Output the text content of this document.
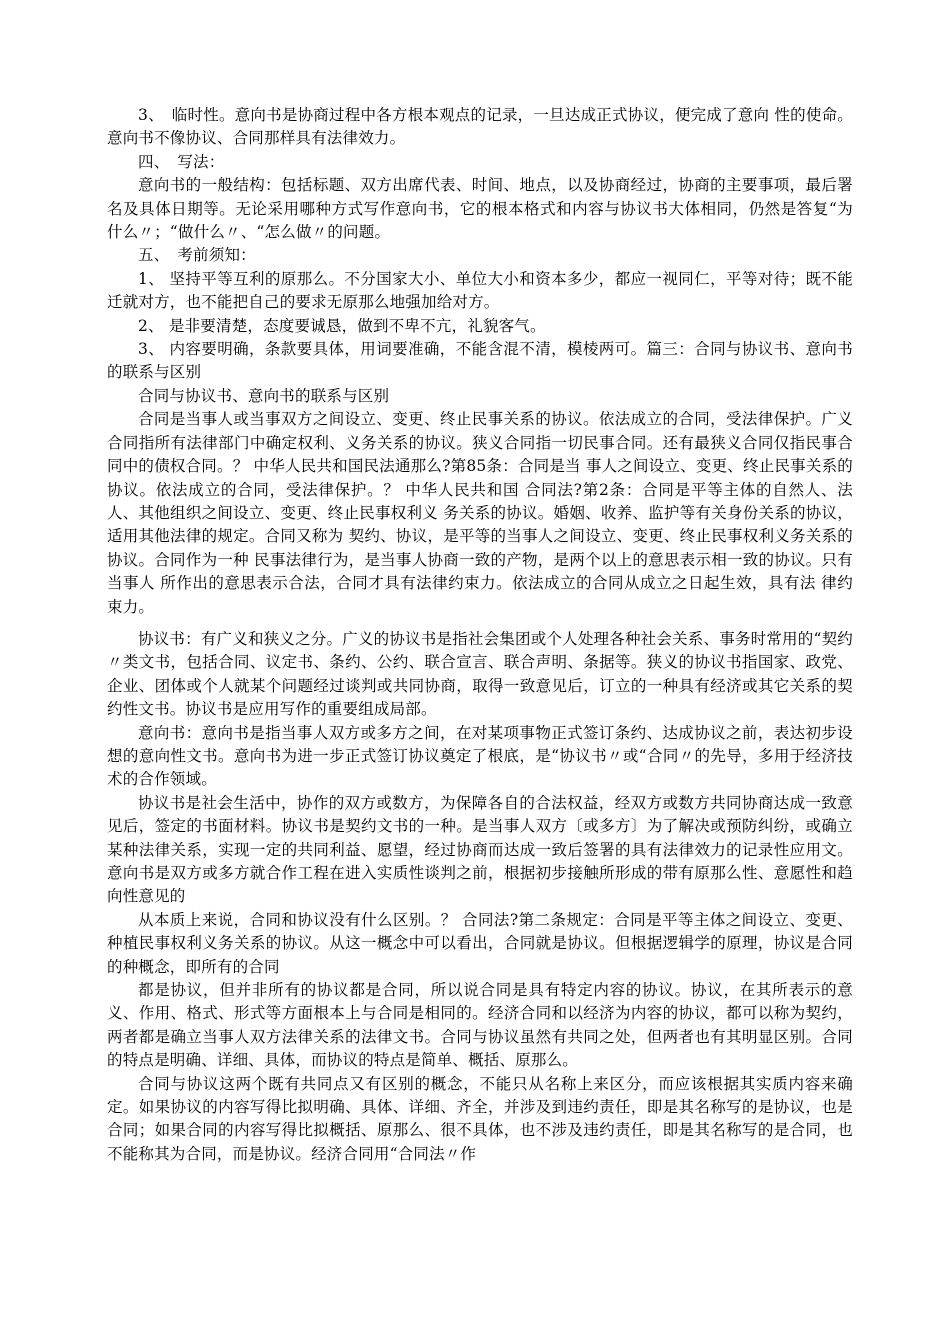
3、　临时性。意向书是协商过程中各方根本观点的记录，一旦达成正式协议，便完成了意向 性的使命。意向书不像协议、合同那样具有法律效力。

四、　写法：

意向书的一般结构：包括标题、双方出席代表、时间、地点，以及协商经过，协商的主要事项，最后署名及具体日期等。无论采用哪种方式写作意向书，它的根本格式和内容与协议书大体相同，仍然是答复“为什么〃；“做什么〃、“怎么做〃的问题。

五、　考前须知：

1、 坚持平等互利的原那么。不分国家大小、单位大小和资本多少，都应一视同仁，平等对待；既不能迁就对方，也不能把自己的要求无原那么地强加给对方。

2、 是非要清楚，态度要诚恳，做到不卑不亢，礼貌客气。

3、 内容要明确，条款要具体，用词要准确，不能含混不清，模棱两可。篇三：合同与协议书、意向书的联系与区别

合同与协议书、意向书的联系与区别

合同是当事人或当事双方之间设立、变更、终止民事关系的协议。依法成立的合同，受法律保护。广义合同指所有法律部门中确定权利、义务关系的协议。狭义合同指一切民事合同。还有最狭义合同仅指民事合同中的债权合同。？ 中华人民共和国民法通那么?第85条：合同是当 事人之间设立、变更、终止民事关系的协议。依法成立的合同，受法律保护。？ 中华人民共和国 合同法?第2条：合同是平等主体的自然人、法人、其他组织之间设立、变更、终止民事权利义 务关系的协议。婚姻、收养、监护等有关身份关系的协议，适用其他法律的规定。合同又称为 契约、协议，是平等的当事人之间设立、变更、终止民事权利义务关系的协议。合同作为一种 民事法律行为，是当事人协商一致的产物，是两个以上的意思表示相一致的协议。只有当事人 所作出的意思表示合法，合同才具有法律约束力。依法成立的合同从成立之日起生效，具有法 律约束力。

协议书：有广义和狭义之分。广义的协议书是指社会集团或个人处理各种社会关系、事务时常用的“契约〃类文书，包括合同、议定书、条约、公约、联合宣言、联合声明、条据等。狭义的协议书指国家、政党、企业、团体或个人就某个问题经过谈判或共同协商，取得一致意见后，订立的一种具有经济或其它关系的契约性文书。协议书是应用写作的重要组成局部。

意向书：意向书是指当事人双方或多方之间，在对某项事物正式签订条约、达成协议之前，表达初步设想的意向性文书。意向书为进一步正式签订协议奠定了根底，是“协议书〃或“合同〃的先导，多用于经济技术的合作领域。

协议书是社会生活中，协作的双方或数方，为保障各自的合法权益，经双方或数方共同协商达成一致意见后，签定的书面材料。协议书是契约文书的一种。是当事人双方〔或多方〕为了解决或预防纠纷，或确立某种法律关系，实现一定的共同利益、愿望，经过协商而达成一致后签署的具有法律效力的记录性应用文。意向书是双方或多方就合作工程在进入实质性谈判之前，根据初步接触所形成的带有原那么性、意愿性和趋向性意见的

从本质上来说，合同和协议没有什么区别。？ 合同法?第二条规定：合同是平等主体之间设立、变更、种植民事权利义务关系的协议。从这一概念中可以看出，合同就是协议。但根据逻辑学的原理，协议是合同的种概念，即所有的合同

都是协议，但并非所有的协议都是合同，所以说合同是具有特定内容的协议。协议，在其所表示的意义、作用、格式、形式等方面根本上与合同是相同的。经济合同和以经济为内容的协议，都可以称为契约，两者都是确立当事人双方法律关系的法律文书。合同与协议虽然有共同之处，但两者也有其明显区别。合同的特点是明确、详细、具体，而协议的特点是简单、概括、原那么。

合同与协议这两个既有共同点又有区别的概念，不能只从名称上来区分，而应该根据其实质内容来确定。如果协议的内容写得比拟明确、具体、详细、齐全，并涉及到违约责任，即是其名称写的是协议，也是合同；如果合同的内容写得比拟概括、原那么、很不具体，也不涉及违约责任，即是其名称写的是合同，也不能称其为合同，而是协议。经济合同用“合同法〃作
